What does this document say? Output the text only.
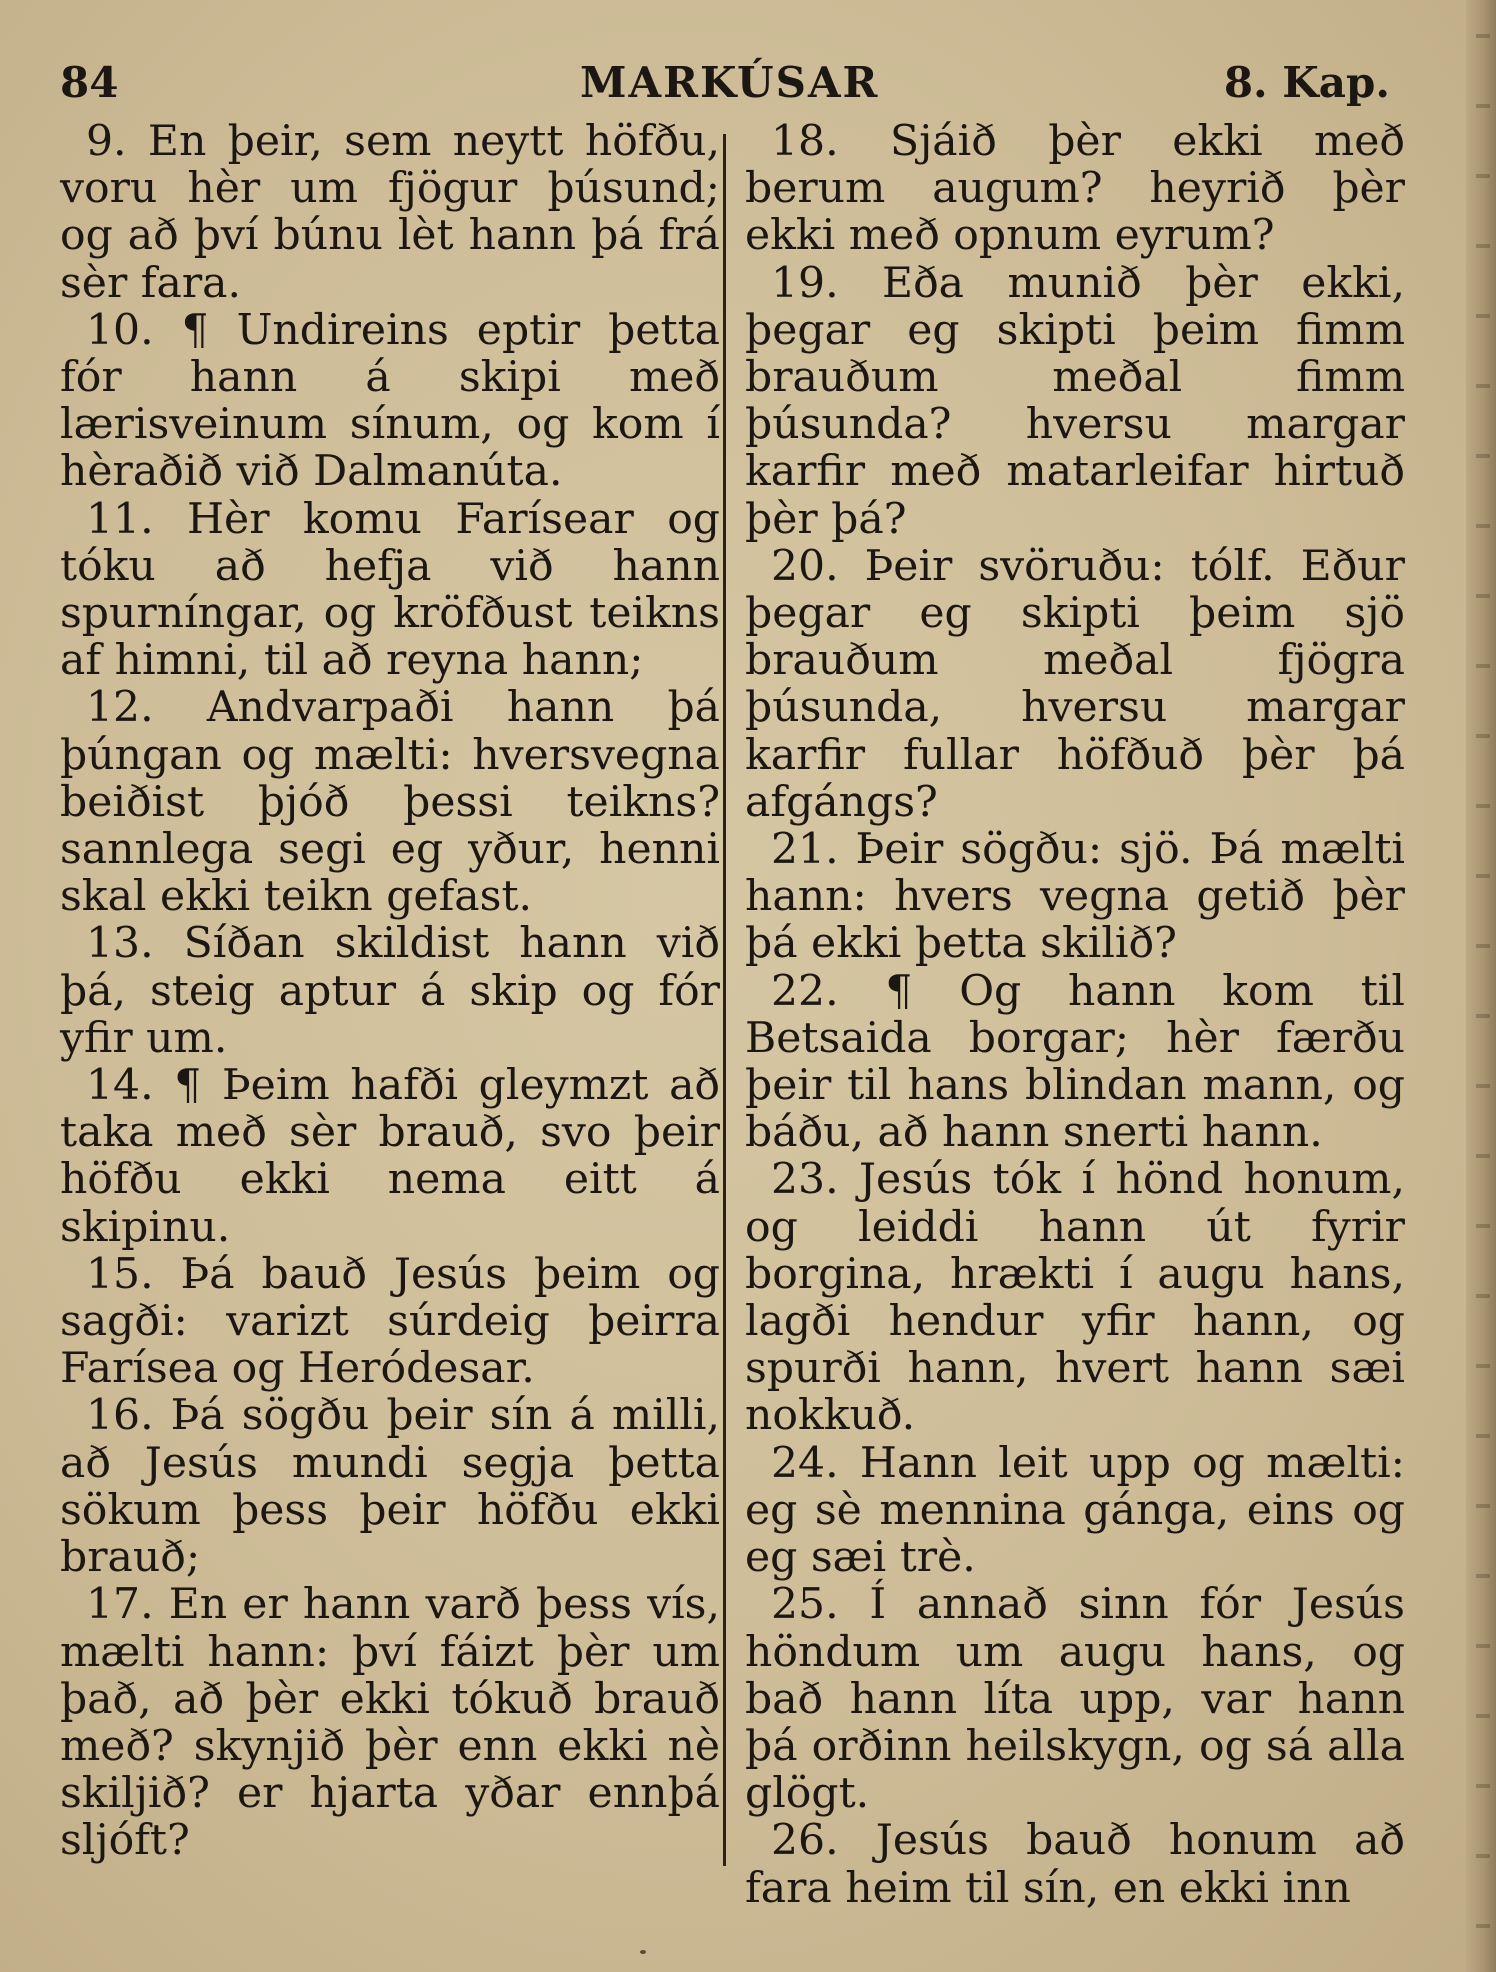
84	MARKÚSAR	8. Kap.

9. En þeir, sem neytt höfðu, voru hèr um fjögur þúsund; og að því búnu lèt hann þá frá sèr fara.

10. ¶ Undireins eptir þetta fór hann á skipi með lærisveinum sínum, og kom í hèraðið við Dalmanúta.

11. Hèr komu Farísear og tóku að hefja við hann spurníngar, og kröfðust teikns af himni, til að reyna hann;

12. Andvarpaði hann þá þúngan og mælti: hversvegna beiðist þjóð þessi teikns? sannlega segi eg yður, henni skal ekki teikn gefast.

13. Síðan skildist hann við þá, steig aptur á skip og fór yfir um.

14. ¶ Þeim hafði gleymzt að taka með sèr brauð, svo þeir höfðu ekki nema eitt á skipinu.

15. Þá bauð Jesús þeim og sagði: varizt súrdeig þeirra Farísea og Heródesar.

16. Þá sögðu þeir sín á milli, að Jesús mundi segja þetta sökum þess þeir höfðu ekki brauð;

17. En er hann varð þess vís, mælti hann: því fáizt þèr um það, að þèr ekki tókuð brauð með? skynjið þèr enn ekki nè skiljið? er hjarta yðar ennþá sljóft?

18. Sjáið þèr ekki með berum augum? heyrið þèr ekki með opnum eyrum?

19. Eða munið þèr ekki, þegar eg skipti þeim fimm brauðum meðal fimm þúsunda? hversu margar karfir með matarleifar hirtuð þèr þá?

20. Þeir svöruðu: tólf. Eður þegar eg skipti þeim sjö brauðum meðal fjögra þúsunda, hversu margar karfir fullar höfðuð þèr þá afgángs?

21. Þeir sögðu: sjö. Þá mælti hann: hvers vegna getið þèr þá ekki þetta skilið?

22. ¶ Og hann kom til Betsaida borgar; hèr færðu þeir til hans blindan mann, og báðu, að hann snerti hann.

23. Jesús tók í hönd honum, og leiddi hann út fyrir borgina, hrækti í augu hans, lagði hendur yfir hann, og spurði hann, hvert hann sæi nokkuð.

24. Hann leit upp og mælti: eg sè mennina gánga, eins og eg sæi trè.

25. Í annað sinn fór Jesús höndum um augu hans, og bað hann líta upp, var hann þá orðinn heilskygn, og sá alla glögt.

26. Jesús bauð honum að fara heim til sín, en ekki inn
